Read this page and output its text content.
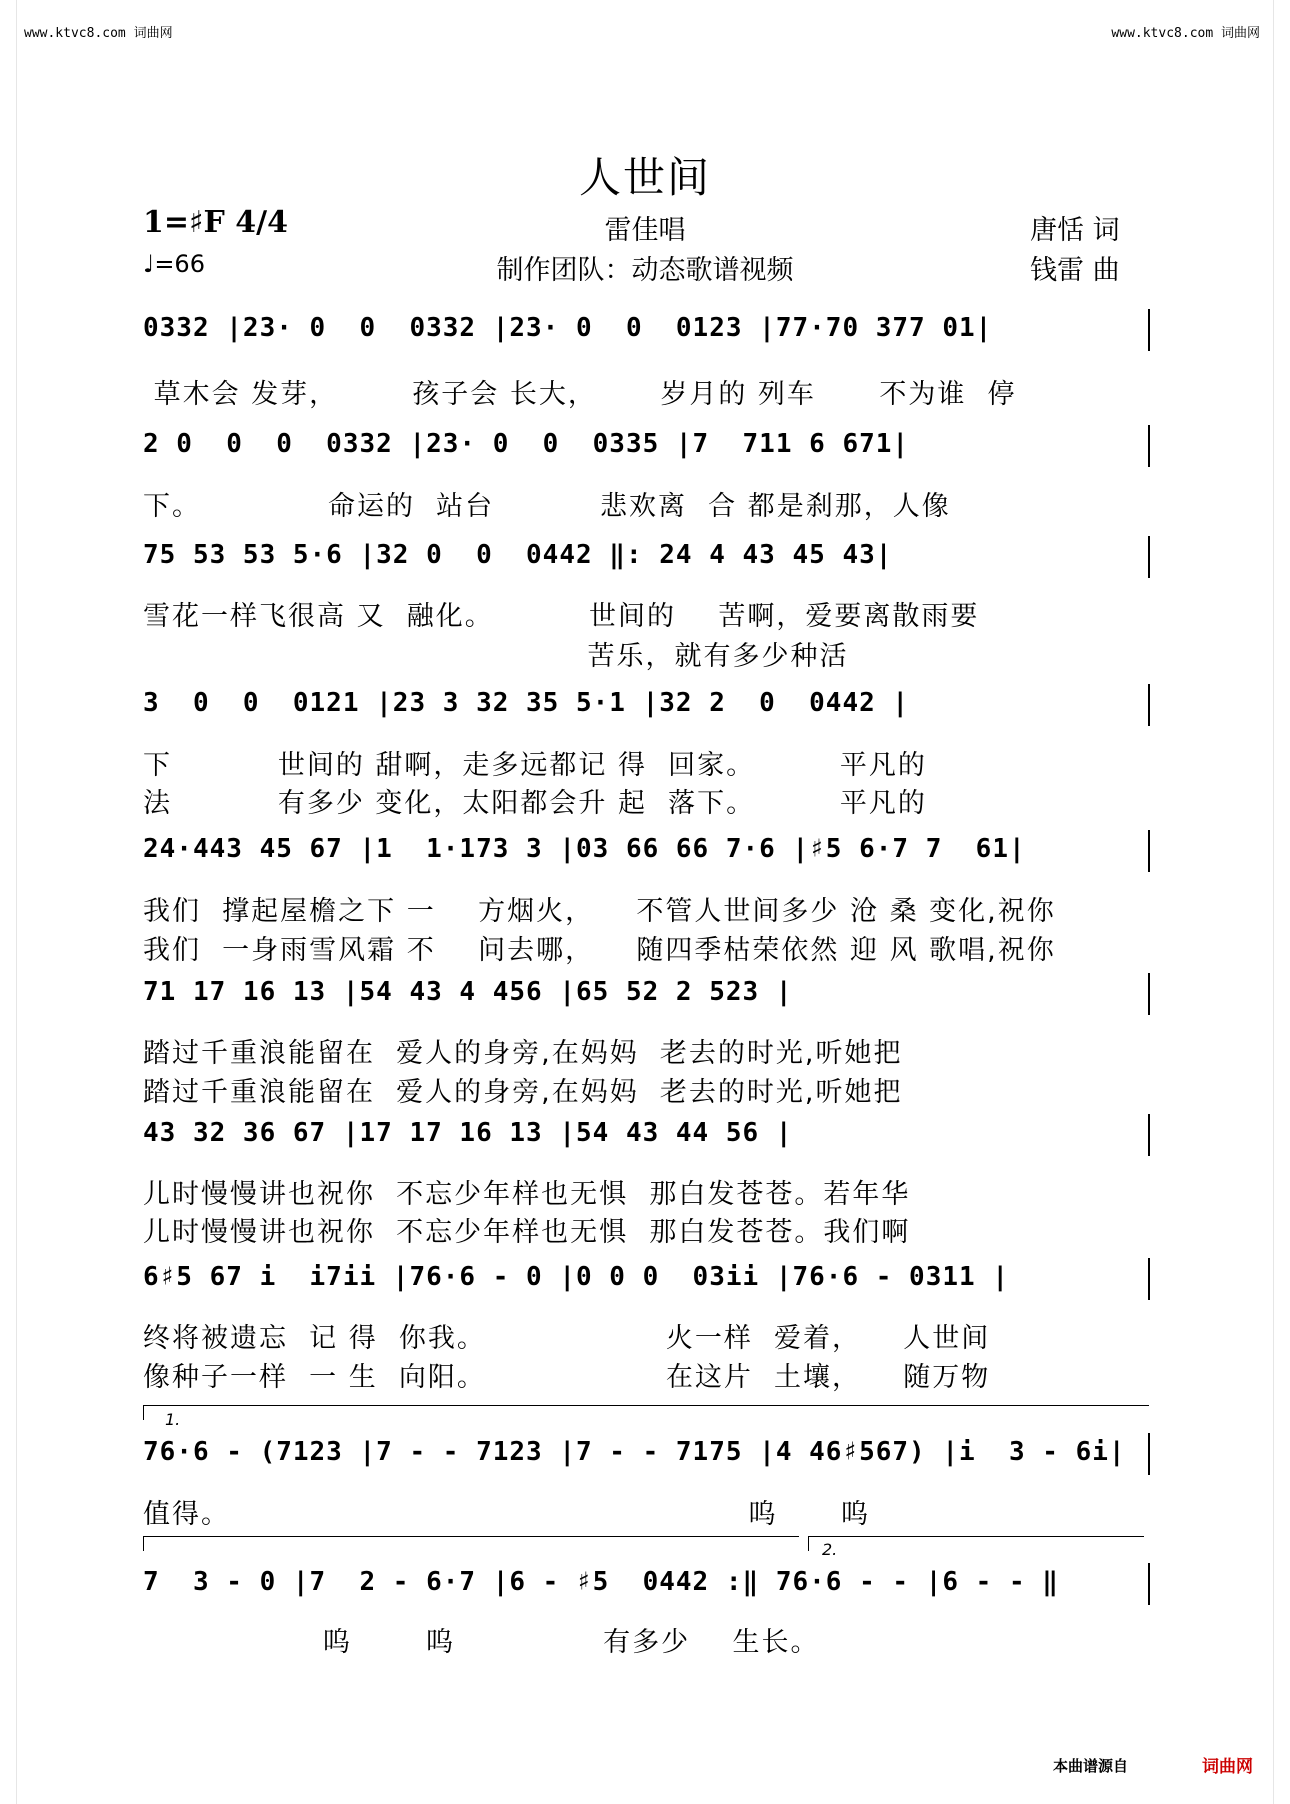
www.ktvc8.com 词曲网	www.ktvc8.com 词曲网
人世间
雷佳唱
制作团队：动态歌谱视频
唐恬 词
钱雷 曲
1=♯F 4/4
♩=66
0332 |23· 0  0  0332 |23· 0  0  0123 |77·70 377 01|
草木会 发芽，       孩子会 长大，      岁月的 列车      不为谁  停
2 0  0  0  0332 |23· 0  0  0335 |7  711 6 671|
下。            命运的  站台          悲欢离  合 都是刹那，人像
75 53 53 5·6 |32 0  0  0442 ‖: 24 4 43 45 43|
雪花一样飞很高 又  融化。         世间的    苦啊，爱要离散雨要
苦乐，就有多少种活
3  0  0  0121 |23 3 32 35 5·1 |32 2  0  0442 |
下          世间的 甜啊，走多远都记 得  回家。        平凡的
法          有多少 变化，太阳都会升 起  落下。        平凡的
24·443 45 67 |1  1·173 3 |03 66 66 7·6 |♯5 6·7 7  61|
我们  撑起屋檐之下 一    方烟火，    不管人世间多少 沧 桑 变化,祝你
我们  一身雨雪风霜 不    问去哪，    随四季枯荣依然 迎 风 歌唱,祝你
71 17 16 13 |54 43 4 456 |65 52 2 523 |
踏过千重浪能留在  爱人的身旁,在妈妈  老去的时光,听她把
踏过千重浪能留在  爱人的身旁,在妈妈  老去的时光,听她把
43 32 36 67 |17 17 16 13 |54 43 44 56 |
儿时慢慢讲也祝你  不忘少年样也无惧  那白发苍苍。若年华
儿时慢慢讲也祝你  不忘少年样也无惧  那白发苍苍。我们啊
6♯5 67 i  i7ii |76·6 - 0 |0 0 0  03ii |76·6 - 0311 |
终将被遗忘  记 得  你我。                 火一样  爱着，    人世间
像种子一样  一 生  向阳。                 在这片  土壤，    随万物
76·6 - (7123 |7 - - 7123 |7 - - 7175 |4 46♯567) |i  3 - 6i|
值得。                                                 呜      呜
7  3 - 0 |7  2 - 6·7 |6 - ♯5  0442 :‖ 76·6 - - |6 - - ‖
呜       呜              有多少    生长。
1.
2.
本曲谱源自	词曲网
